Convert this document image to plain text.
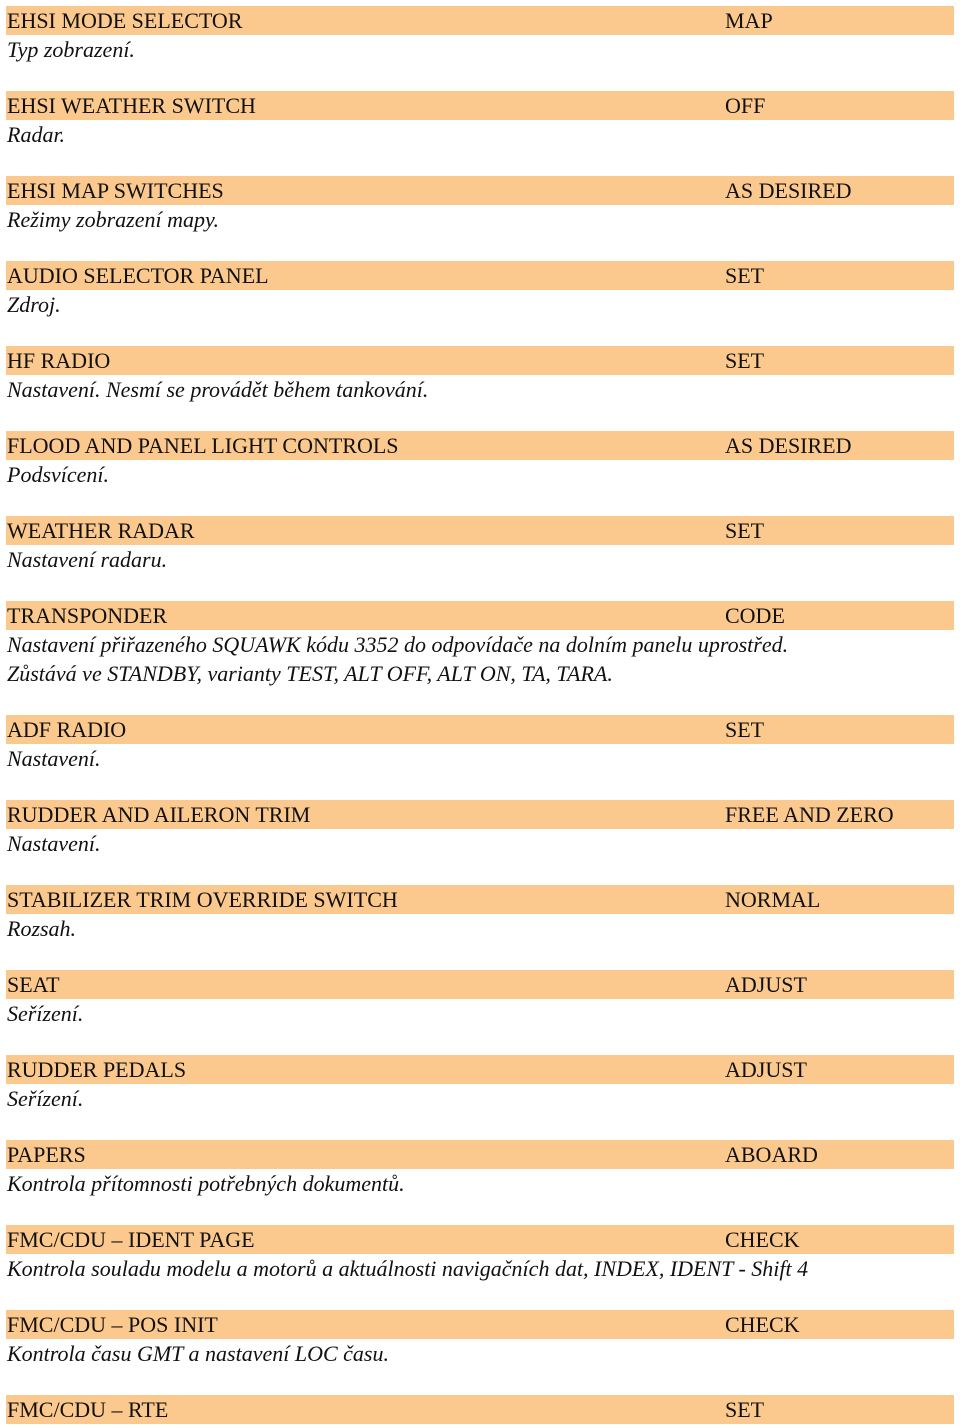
EHSI MODE SELECTOR	MAP
Typ zobrazení.
EHSI WEATHER SWITCH	OFF
Radar.
EHSI MAP SWITCHES	AS DESIRED
Režimy zobrazení mapy.
AUDIO SELECTOR PANEL	SET
Zdroj.
HF RADIO	SET
Nastavení. Nesmí se provádět během tankování.
FLOOD AND PANEL LIGHT CONTROLS	AS DESIRED
Podsvícení.
WEATHER RADAR	SET
Nastavení radaru.
TRANSPONDER	CODE
Nastavení přiřazeného SQUAWK kódu 3352 do odpovídače na dolním panelu uprostřed.
Zůstává ve STANDBY, varianty TEST, ALT OFF, ALT ON, TA, TARA.
ADF RADIO	SET
Nastavení.
RUDDER AND AILERON TRIM	FREE AND ZERO
Nastavení.
STABILIZER TRIM OVERRIDE SWITCH	NORMAL
Rozsah.
SEAT	ADJUST
Seřízení.
RUDDER PEDALS	ADJUST
Seřízení.
PAPERS	ABOARD
Kontrola přítomnosti potřebných dokumentů.
FMC/CDU – IDENT PAGE	CHECK
Kontrola souladu modelu a motorů a aktuálnosti navigačních dat, INDEX, IDENT - Shift 4
FMC/CDU – POS INIT	CHECK
Kontrola času GMT a nastavení LOC času.
FMC/CDU – RTE	SET
